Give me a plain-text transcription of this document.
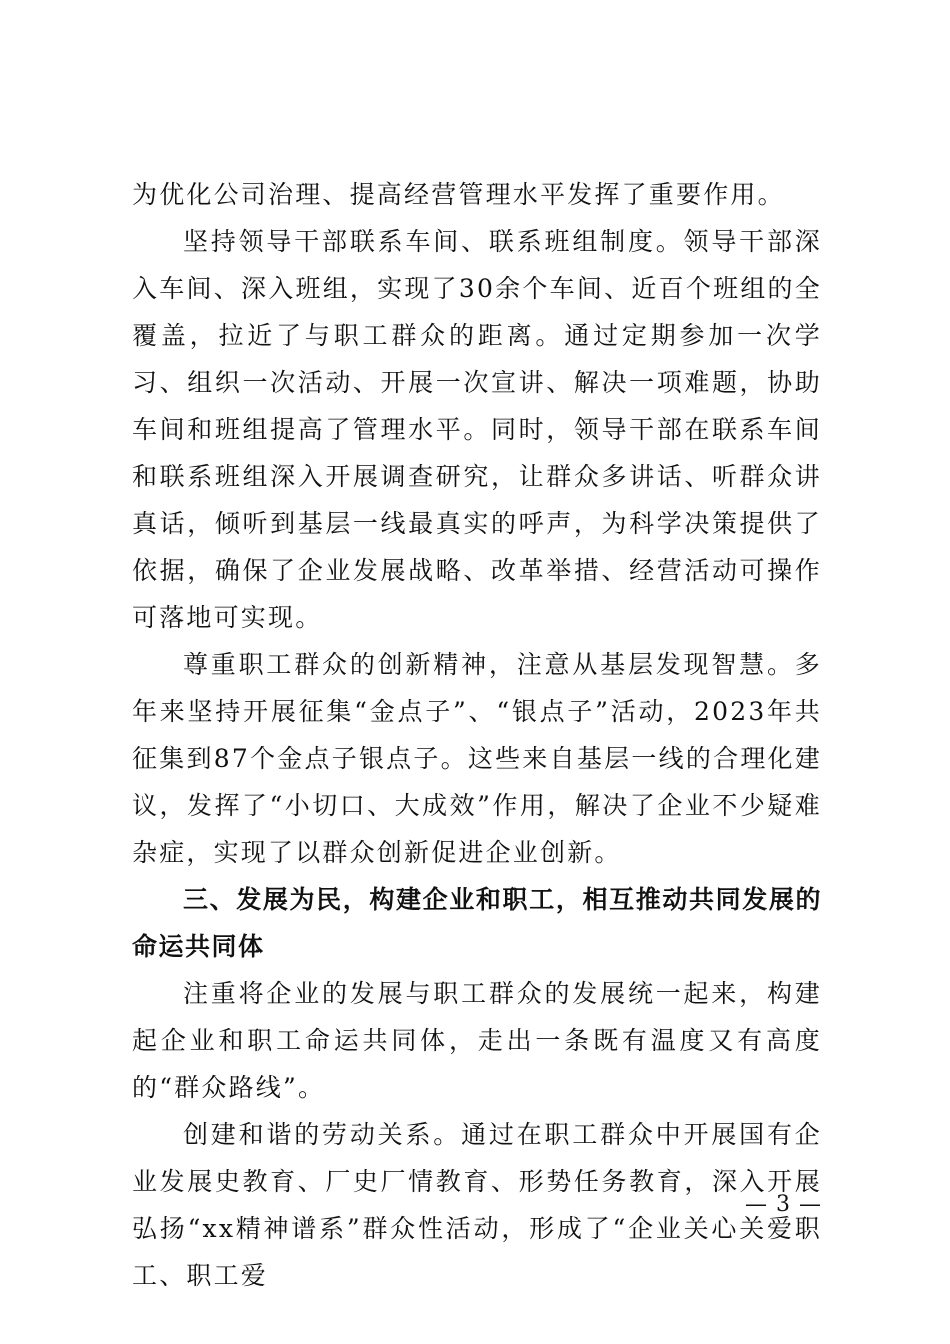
为优化公司治理、提高经营管理水平发挥了重要作用。

坚持领导干部联系车间、联系班组制度。领导干部深入车间、深入班组，实现了30余个车间、近百个班组的全覆盖，拉近了与职工群众的距离。通过定期参加一次学习、组织一次活动、开展一次宣讲、解决一项难题，协助车间和班组提高了管理水平。同时，领导干部在联系车间和联系班组深入开展调查研究，让群众多讲话、听群众讲真话，倾听到基层一线最真实的呼声，为科学决策提供了依据，确保了企业发展战略、改革举措、经营活动可操作可落地可实现。

尊重职工群众的创新精神，注意从基层发现智慧。多年来坚持开展征集“金点子”、“银点子”活动，2023年共征集到87个金点子银点子。这些来自基层一线的合理化建议，发挥了“小切口、大成效”作用，解决了企业不少疑难杂症，实现了以群众创新促进企业创新。

三、发展为民，构建企业和职工，相互推动共同发展的命运共同体

注重将企业的发展与职工群众的发展统一起来，构建起企业和职工命运共同体，走出一条既有温度又有高度的“群众路线”。

创建和谐的劳动关系。通过在职工群众中开展国有企业发展史教育、厂史厂情教育、形势任务教育，深入开展弘扬“xx精神谱系”群众性活动，形成了“企业关心关爱职工、职工爱

— 3 —
